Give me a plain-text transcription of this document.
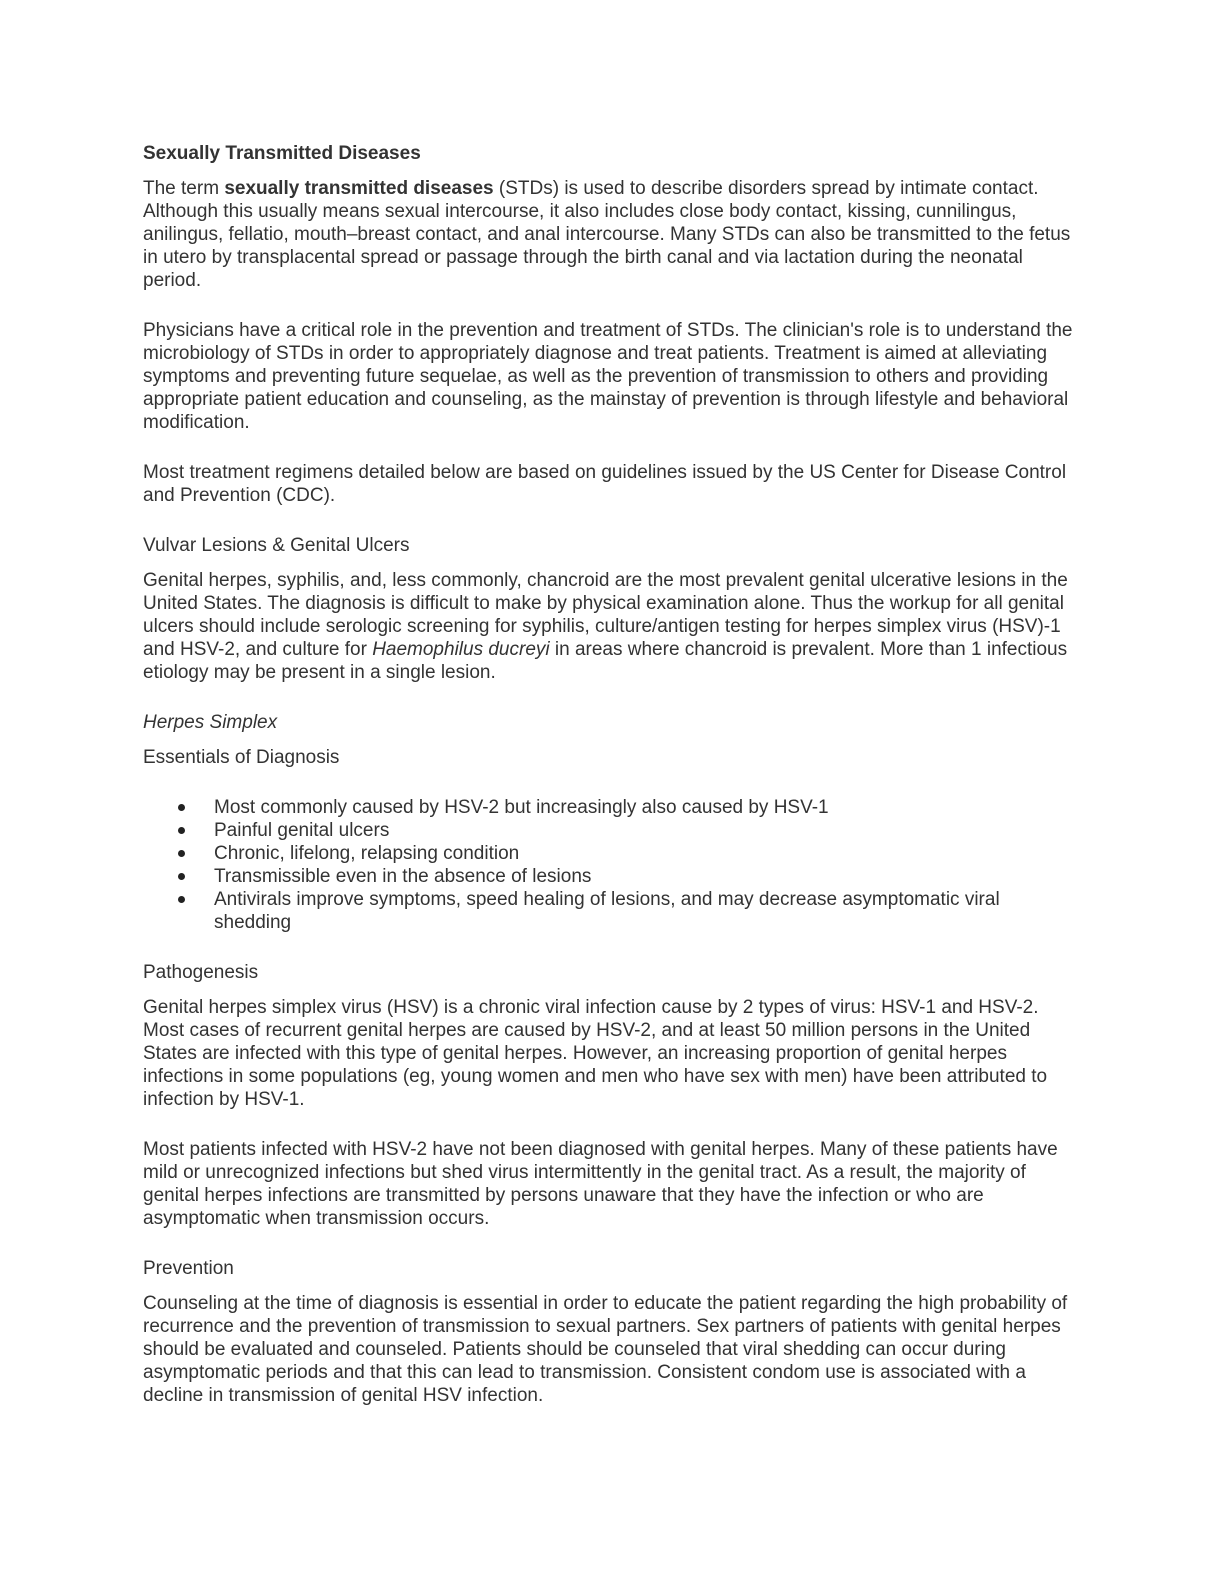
Sexually Transmitted Diseases

The term sexually transmitted diseases (STDs) is used to describe disorders spread by intimate contact. Although this usually means sexual intercourse, it also includes close body contact, kissing, cunnilingus, anilingus, fellatio, mouth–breast contact, and anal intercourse. Many STDs can also be transmitted to the fetus in utero by transplacental spread or passage through the birth canal and via lactation during the neonatal period.

Physicians have a critical role in the prevention and treatment of STDs. The clinician's role is to understand the microbiology of STDs in order to appropriately diagnose and treat patients. Treatment is aimed at alleviating symptoms and preventing future sequelae, as well as the prevention of transmission to others and providing appropriate patient education and counseling, as the mainstay of prevention is through lifestyle and behavioral modification.

Most treatment regimens detailed below are based on guidelines issued by the US Center for Disease Control and Prevention (CDC).

Vulvar Lesions & Genital Ulcers

Genital herpes, syphilis, and, less commonly, chancroid are the most prevalent genital ulcerative lesions in the United States. The diagnosis is difficult to make by physical examination alone. Thus the workup for all genital ulcers should include serologic screening for syphilis, culture/antigen testing for herpes simplex virus (HSV)-1 and HSV-2, and culture for Haemophilus ducreyi in areas where chancroid is prevalent. More than 1 infectious etiology may be present in a single lesion.

Herpes Simplex

Essentials of Diagnosis

Most commonly caused by HSV-2 but increasingly also caused by HSV-1
Painful genital ulcers
Chronic, lifelong, relapsing condition
Transmissible even in the absence of lesions
Antivirals improve symptoms, speed healing of lesions, and may decrease asymptomatic viral shedding
Pathogenesis

Genital herpes simplex virus (HSV) is a chronic viral infection cause by 2 types of virus: HSV-1 and HSV-2. Most cases of recurrent genital herpes are caused by HSV-2, and at least 50 million persons in the United States are infected with this type of genital herpes. However, an increasing proportion of genital herpes infections in some populations (eg, young women and men who have sex with men) have been attributed to infection by HSV-1.

Most patients infected with HSV-2 have not been diagnosed with genital herpes. Many of these patients have mild or unrecognized infections but shed virus intermittently in the genital tract. As a result, the majority of genital herpes infections are transmitted by persons unaware that they have the infection or who are asymptomatic when transmission occurs.

Prevention

Counseling at the time of diagnosis is essential in order to educate the patient regarding the high probability of recurrence and the prevention of transmission to sexual partners. Sex partners of patients with genital herpes should be evaluated and counseled. Patients should be counseled that viral shedding can occur during asymptomatic periods and that this can lead to transmission. Consistent condom use is associated with a decline in transmission of genital HSV infection.
